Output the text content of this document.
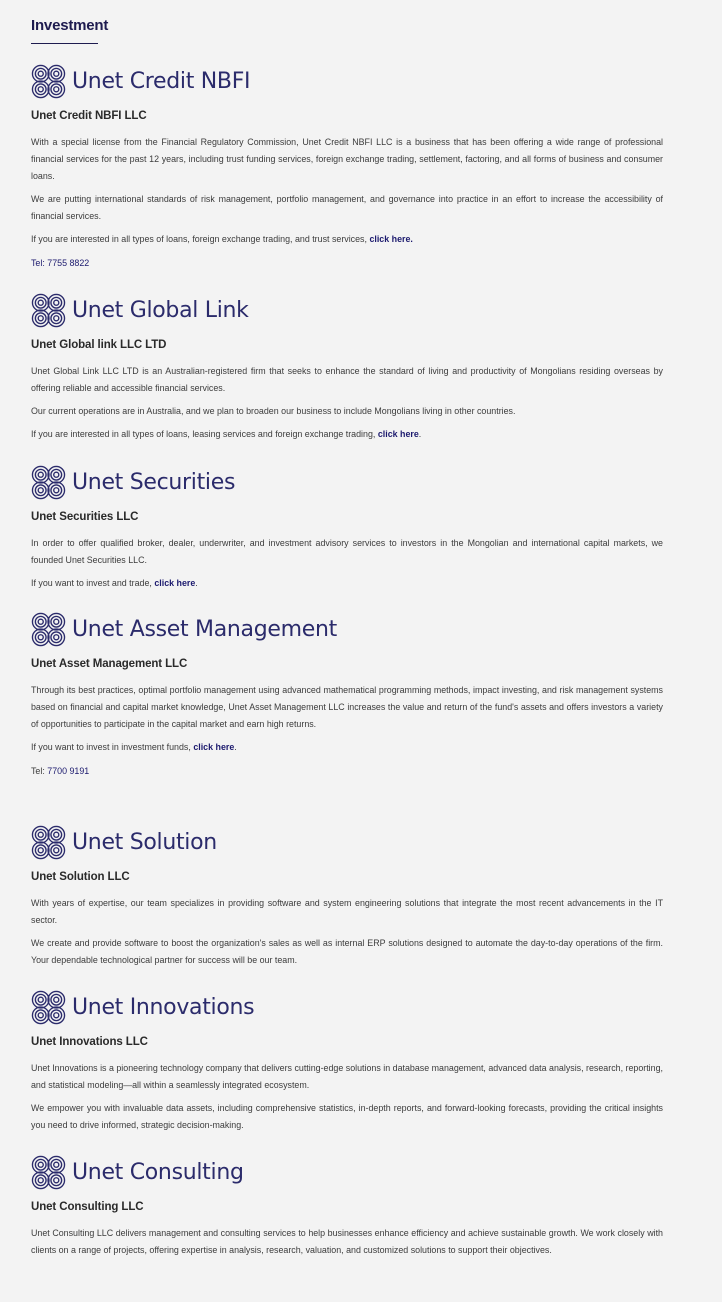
Investment
Unet Credit NBFI
Unet Credit NBFI LLC

With a special license from the Financial Regulatory Commission, Unet Credit NBFI LLC is a business that has been offering a wide range of professional financial services for the past 12 years, including trust funding services, foreign exchange trading, settlement, factoring, and all forms of business and consumer loans.

We are putting international standards of risk management, portfolio management, and governance into practice in an effort to increase the accessibility of financial services.

If you are interested in all types of loans, foreign exchange trading, and trust services, click here.

Tel: 7755 8822

Unet Global Link
Unet Global link LLC LTD

Unet Global Link LLC LTD is an Australian-registered firm that seeks to enhance the standard of living and productivity of Mongolians residing overseas by offering reliable and accessible financial services.

Our current operations are in Australia, and we plan to broaden our business to include Mongolians living in other countries.

If you are interested in all types of loans, leasing services and foreign exchange trading, click here.

Unet Securities
Unet Securities LLC

In order to offer qualified broker, dealer, underwriter, and investment advisory services to investors in the Mongolian and international capital markets, we founded Unet Securities LLC.

If you want to invest and trade, click here.

Unet Asset Management
Unet Asset Management LLC

Through its best practices, optimal portfolio management using advanced mathematical programming methods, impact investing, and risk management systems based on financial and capital market knowledge, Unet Asset Management LLC increases the value and return of the fund's assets and offers investors a variety of opportunities to participate in the capital market and earn high returns.

If you want to invest in investment funds, click here.

Tel: 7700 9191

Unet Solution
Unet Solution LLC

With years of expertise, our team specializes in providing software and system engineering solutions that integrate the most recent advancements in the IT sector.

We create and provide software to boost the organization's sales as well as internal ERP solutions designed to automate the day-to-day operations of the firm. Your dependable technological partner for success will be our team.

Unet Innovations
Unet Innovations LLC

Unet Innovations is a pioneering technology company that delivers cutting-edge solutions in database management, advanced data analysis, research, reporting, and statistical modeling—all within a seamlessly integrated ecosystem.

We empower you with invaluable data assets, including comprehensive statistics, in-depth reports, and forward-looking forecasts, providing the critical insights you need to drive informed, strategic decision-making.

Unet Consulting
Unet Consulting LLC

Unet Consulting LLC delivers management and consulting services to help businesses enhance efficiency and achieve sustainable growth. We work closely with clients on a range of projects, offering expertise in analysis, research, valuation, and customized solutions to support their objectives.
